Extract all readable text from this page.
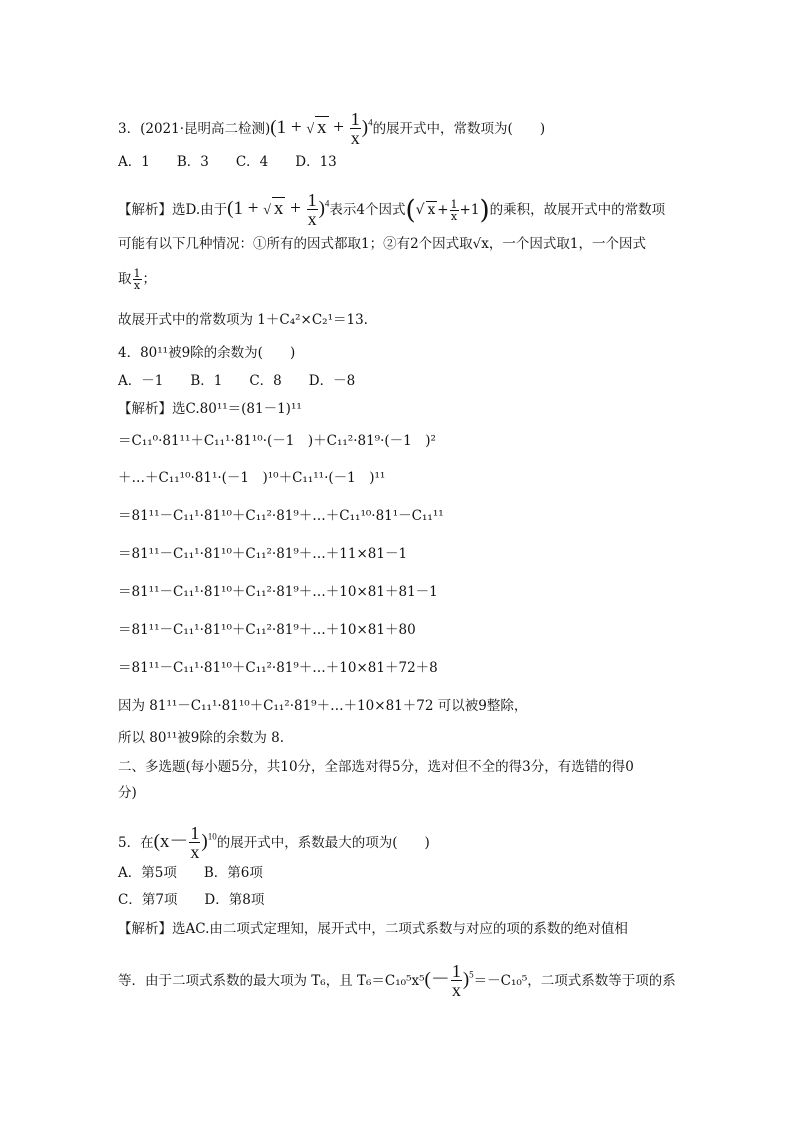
3．(2021·昆明高二检测)(1 + √ $x + \frac{1}{x} )^4$的展开式中，常数项为(　　)
A．1　　B．3　　C．4　　D．13
【解析】选D.由于(1 + √ $x + \frac{1}{x} )^4$表示4个因式(√ $x + \frac{1}{x} +1$)的乘积，故展开式中的常数项
可能有以下几种情况：①所有的因式都取1；②有2个因式取√x，一个因式取1，一个因式
取 $\frac{1}{x}$ ；
故展开式中的常数项为 1＋C₄²×C₂¹＝13.
4．80¹¹被9除的余数为(　　)
A．－1　　B．1　　C．8　　D．－8
【解析】选C.80¹¹＝(81－1)¹¹
＝C₁₁⁰·81¹¹＋C₁₁¹·81¹⁰·(－1　)＋C₁₁²·81⁹·(－1　)²
＋…＋C₁₁¹⁰·81¹·(－1　)¹⁰＋C₁₁¹¹·(－1　)¹¹
＝81¹¹－C₁₁¹·81¹⁰＋C₁₁²·81⁹＋…＋C₁₁¹⁰·81¹－C₁₁¹¹
＝81¹¹－C₁₁¹·81¹⁰＋C₁₁²·81⁹＋…＋11×81－1
＝81¹¹－C₁₁¹·81¹⁰＋C₁₁²·81⁹＋…＋10×81＋81－1
＝81¹¹－C₁₁¹·81¹⁰＋C₁₁²·81⁹＋…＋10×81＋80
＝81¹¹－C₁₁¹·81¹⁰＋C₁₁²·81⁹＋…＋10×81＋72＋8
因为 81¹¹－C₁₁¹·81¹⁰＋C₁₁²·81⁹＋…＋10×81＋72 可以被9整除，
所以 80¹¹被9除的余数为 8.
二、多选题(每小题5分，共10分，全部选对得5分，选对但不全的得3分，有选错的得0
分)
5．在$(x- \frac{1}{x} )^{10}$的展开式中，系数最大的项为(　　)
A．第5项　　B．第6项
C．第7项　　D．第8项
【解析】选AC.由二项式定理知，展开式中，二项式系数与对应的项的系数的绝对值相
等．由于二项式系数的最大项为 T₆，且 $T_6=C_{10}^5x^5(- \frac{1}{x} )^5=-C_{10}^5$，二项式系数等于项的系
